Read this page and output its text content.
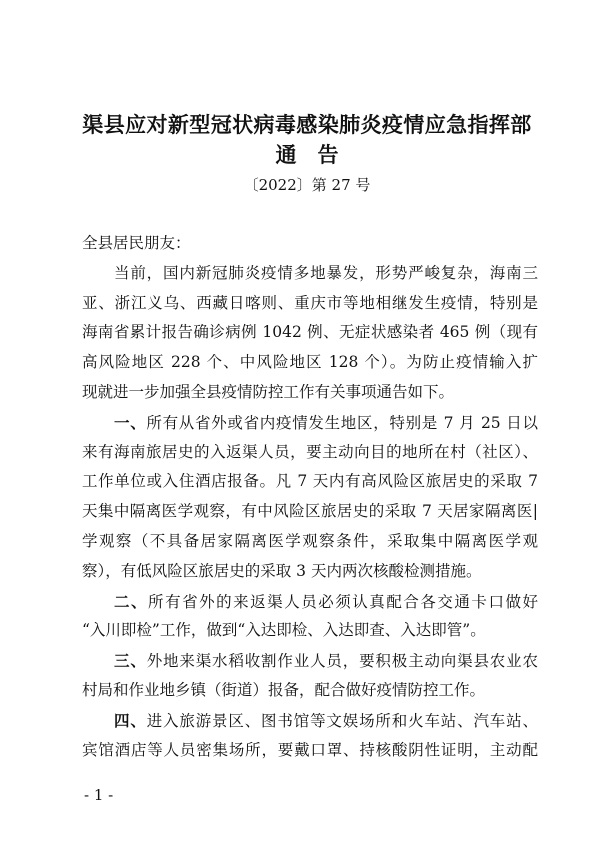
渠县应对新型冠状病毒感染肺炎疫情应急指挥部
通告
〔2022〕第 27 号
全县居民朋友：
当前，国内新冠肺炎疫情多地暴发，形势严峻复杂，海南三
亚、浙江义乌、西藏日喀则、重庆市等地相继发生疫情，特别是
海南省累计报告确诊病例 1042 例、无症状感染者 465 例（现有
高风险地区 228 个、中风险地区 128 个）。为防止疫情输入扩
现就进一步加强全县疫情防控工作有关事项通告如下。
一、所有从省外或省内疫情发生地区，特别是 7 月 25 日以
来有海南旅居史的入返渠人员，要主动向目的地所在村（社区）、
工作单位或入住酒店报备。凡 7 天内有高风险区旅居史的采取 7
天集中隔离医学观察，有中风险区旅居史的采取 7 天居家隔离医|
学观察（不具备居家隔离医学观察条件，采取集中隔离医学观
察），有低风险区旅居史的采取 3 天内两次核酸检测措施。
二、所有省外的来返渠人员必须认真配合各交通卡口做好
“入川即检”工作，做到“入达即检、入达即查、入达即管”。
三、外地来渠水稻收割作业人员，要积极主动向渠县农业农
村局和作业地乡镇（街道）报备，配合做好疫情防控工作。
四、进入旅游景区、图书馆等文娱场所和火车站、汽车站、
宾馆酒店等人员密集场所，要戴口罩、持核酸阴性证明，主动配
- 1 -
